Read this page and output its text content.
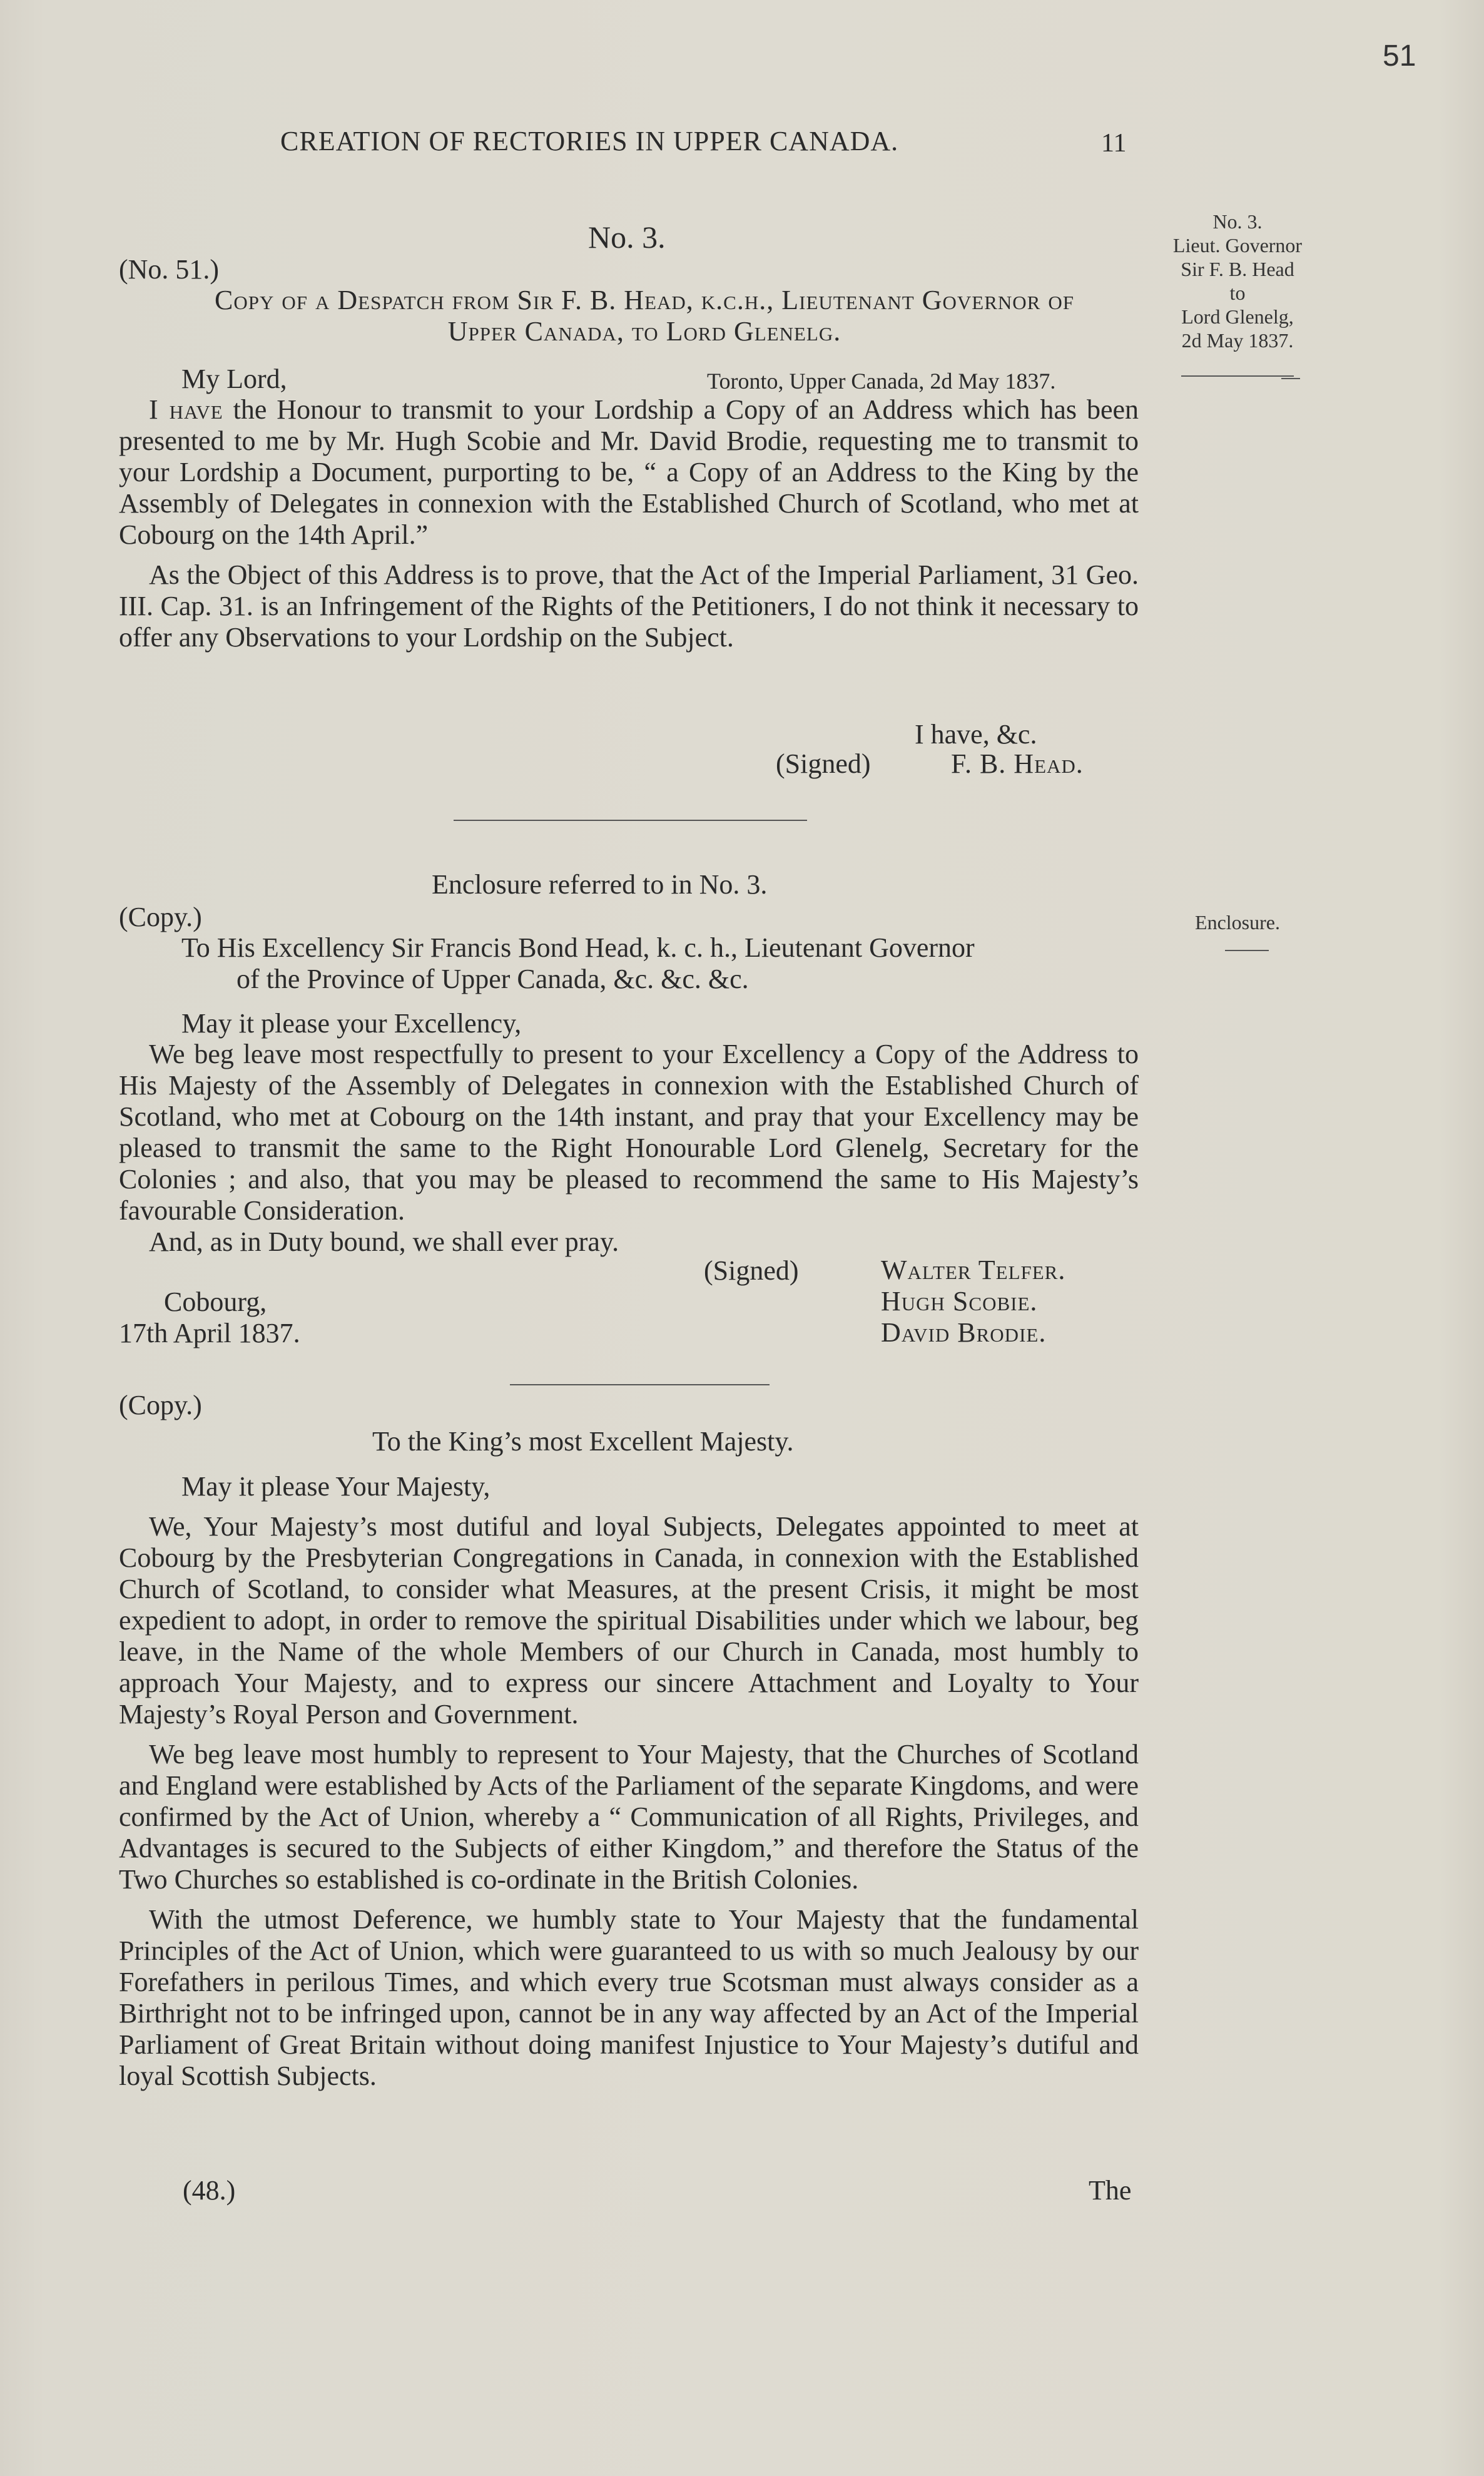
51
CREATION OF RECTORIES IN UPPER CANADA.	11
No. 3.
Lieut. Governor
Sir F. B. Head
to
Lord Glenelg,
2d May 1837.
Enclosure.
No. 3.
(No. 51.)
Copy of a Despatch from Sir F. B. Head, k.c.h., Lieutenant Governor of
Upper Canada, to Lord Glenelg.
My Lord,	Toronto, Upper Canada, 2d May 1837.

I have the Honour to transmit to your Lordship a Copy of an Address which has been presented to me by Mr. Hugh Scobie and Mr. David Brodie, requesting me to transmit to your Lordship a Document, purporting to be, “ a Copy of an Address to the King by the Assembly of Delegates in connexion with the Established Church of Scotland, who met at Cobourg on the 14th April.”

As the Object of this Address is to prove, that the Act of the Imperial Parliament, 31 Geo. III. Cap. 31. is an Infringement of the Rights of the Petitioners, I do not think it necessary to offer any Observations to your Lordship on the Subject.

I have, &c.
(Signed)	F. B. Head.
Enclosure referred to in No. 3.
(Copy.)
To His Excellency Sir Francis Bond Head, k. c. h., Lieutenant Governor
of the Province of Upper Canada, &c. &c. &c.
May it please your Excellency,

We beg leave most respectfully to present to your Excellency a Copy of the Address to His Majesty of the Assembly of Delegates in connexion with the Established Church of Scotland, who met at Cobourg on the 14th instant, and pray that your Excellency may be pleased to transmit the same to the Right Honourable Lord Glenelg, Secretary for the Colonies ; and also, that you may be pleased to recommend the same to His Majesty’s favourable Consideration.

And, as in Duty bound, we shall ever pray.

(Signed)	Walter Telfer.
Hugh Scobie.
David Brodie.
Cobourg,
17th April 1837.
(Copy.)
To the King’s most Excellent Majesty.
May it please Your Majesty,

We, Your Majesty’s most dutiful and loyal Subjects, Delegates appointed to meet at Cobourg by the Presbyterian Congregations in Canada, in connexion with the Established Church of Scotland, to consider what Measures, at the present Crisis, it might be most expedient to adopt, in order to remove the spiritual Disabilities under which we labour, beg leave, in the Name of the whole Members of our Church in Canada, most humbly to approach Your Majesty, and to express our sincere Attachment and Loyalty to Your Majesty’s Royal Person and Government.

We beg leave most humbly to represent to Your Majesty, that the Churches of Scotland and England were established by Acts of the Parliament of the separate Kingdoms, and were confirmed by the Act of Union, whereby a “ Communication of all Rights, Privileges, and Advantages is secured to the Subjects of either Kingdom,” and therefore the Status of the Two Churches so established is co-ordinate in the British Colonies.

With the utmost Deference, we humbly state to Your Majesty that the fundamental Principles of the Act of Union, which were guaranteed to us with so much Jealousy by our Forefathers in perilous Times, and which every true Scotsman must always consider as a Birthright not to be infringed upon, cannot be in any way affected by an Act of the Imperial Parliament of Great Britain without doing manifest Injustice to Your Majesty’s dutiful and loyal Scottish Subjects.

(48.)	The
